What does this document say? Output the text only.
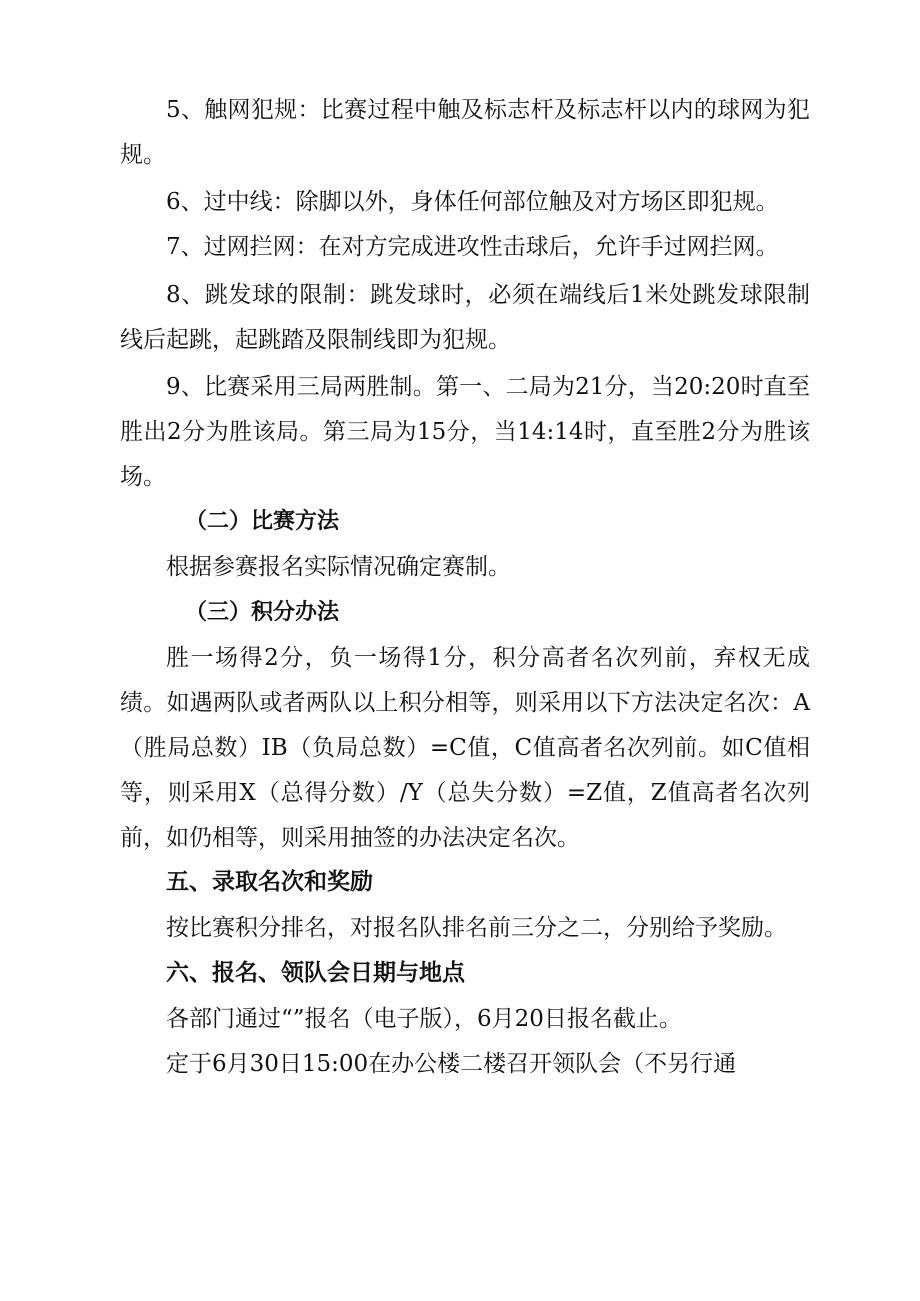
5、触网犯规：比赛过程中触及标志杆及标志杆以内的球网为犯规。

6、过中线：除脚以外，身体任何部位触及对方场区即犯规。

7、过网拦网：在对方完成进攻性击球后，允许手过网拦网。

8、跳发球的限制：跳发球时，必须在端线后1米处跳发球限制线后起跳，起跳踏及限制线即为犯规。

9、比赛采用三局两胜制。第一、二局为21分，当20:20时直至胜出2分为胜该局。第三局为15分，当14:14时，直至胜2分为胜该场。

（二）比赛方法

根据参赛报名实际情况确定赛制。

（三）积分办法

胜一场得2分，负一场得1分，积分高者名次列前，弃权无成绩。如遇两队或者两队以上积分相等，则采用以下方法决定名次：A（胜局总数）IB（负局总数）=C值，C值高者名次列前。如C值相等，则采用X（总得分数）/Y（总失分数）=Z值，Z值高者名次列前，如仍相等，则采用抽签的办法决定名次。

五、录取名次和奖励

按比赛积分排名，对报名队排名前三分之二，分别给予奖励。

六、报名、领队会日期与地点

各部门通过“”报名（电子版），6月20日报名截止。

定于6月30日15:00在办公楼二楼召开领队会（不另行通
